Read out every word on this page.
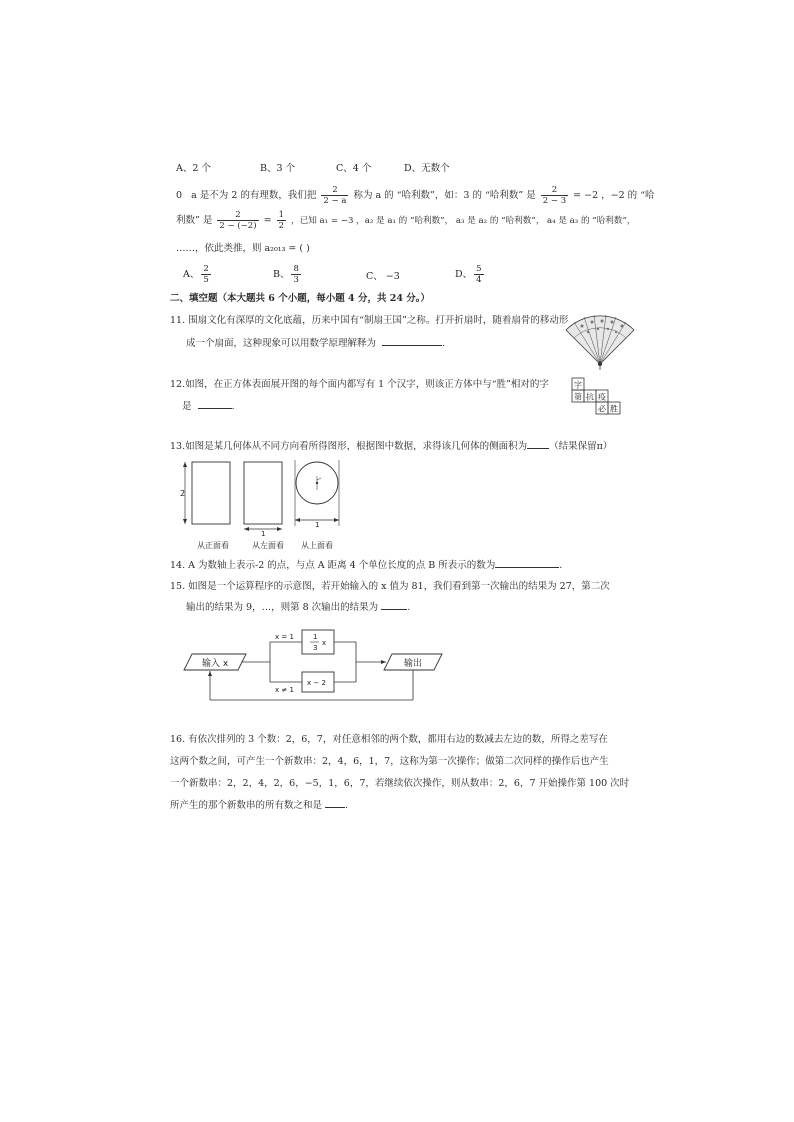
A、2 个	B、3 个	C、4 个	D、无数个
0 a 是不为 2 的有理数，我们把 $\frac{2}{2 - a}$ 称为 a 的 “哈利数”，如：3 的 “哈利数” 是 $\frac{2}{2 - 3} = -2$ ，−2 的 “哈
利数” 是 $\frac{2}{2 - (-2)} = \frac{1}{2}$ ，已知 a₁ = −3 ，a₂ 是 a₁ 的 “哈利数”， a₃ 是 a₂ 的 “哈利数”， a₄ 是 a₃ 的 “哈利数”，
……，依此类推，则 a₂₀₁₃ = ( )
A、 $\frac{2}{5}$	B、 $\frac{8}{3}$	C、 −3	D、 $\frac{5}{4}$
二、填空题（本大题共 6 个小题，每小题 4 分，共 24 分。）
11. 围扇文化有深厚的文化底蕴，历来中国有“制扇王国”之称。打开折扇时，随着扇骨的移动形
成一个扇面，这种现象可以用数学原理解释为	.
12.如图，在正方体表面展开图的每个面内都写有 1 个汉字，则该正方体中与“胜”相对的字
是	.
字
第 抗 疫
必 胜
13.如图是某几何体从不同方向看所得图形，根据图中数据，求得该几何体的侧面积为 （结果保留π）
2
1
1
从正面看	从左面看 从上面看
14. A 为数轴上表示-2 的点，与点 A 距离 4 个单位长度的点 B 所表示的数为	.
15. 如图是一个运算程序的示意图，若开始输入的 x 值为 81，我们看到第一次输出的结果为 27，第二次
输出的结果为 9，…，则第 8 次输出的结果为	.
输入 x
x = 1
x ≠ 1
1
3
x
x − 2
输出
16. 有依次排列的 3 个数：2，6，7，对任意相邻的两个数，都用右边的数减去左边的数，所得之差写在
这两个数之间，可产生一个新数串：2，4，6，1，7，这称为第一次操作；做第二次同样的操作后也产生
一个新数串：2，2，4，2，6，−5，1，6，7，若继续依次操作，则从数串：2，6，7 开始操作第 100 次时
所产生的那个新数串的所有数之和是 .
